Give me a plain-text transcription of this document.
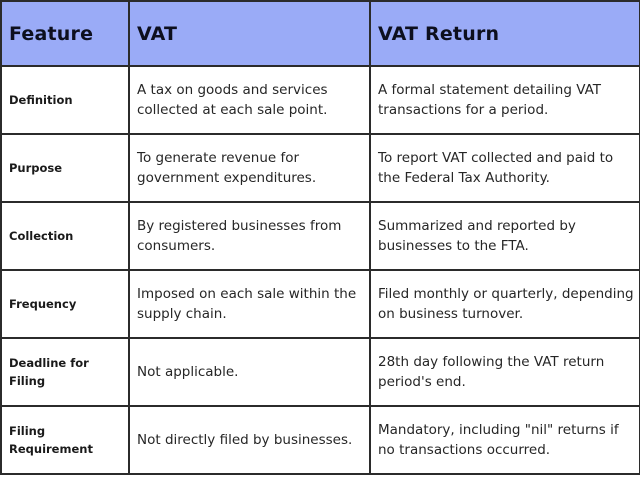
Feature	VAT	VAT Return
Definition	A tax on goods and services collected at each sale point.	A formal statement detailing VAT transactions for a period.
Purpose	To generate revenue for government expenditures.	To report VAT collected and paid to the Federal Tax Authority.
Collection	By registered businesses from consumers.	Summarized and reported by businesses to the FTA.
Frequency	Imposed on each sale within the supply chain.	Filed monthly or quarterly, depending on business turnover.
Deadline for Filing	Not applicable.	28th day following the VAT return period's end.
Filing Requirement	Not directly filed by businesses.	Mandatory, including "nil" returns if no transactions occurred.
